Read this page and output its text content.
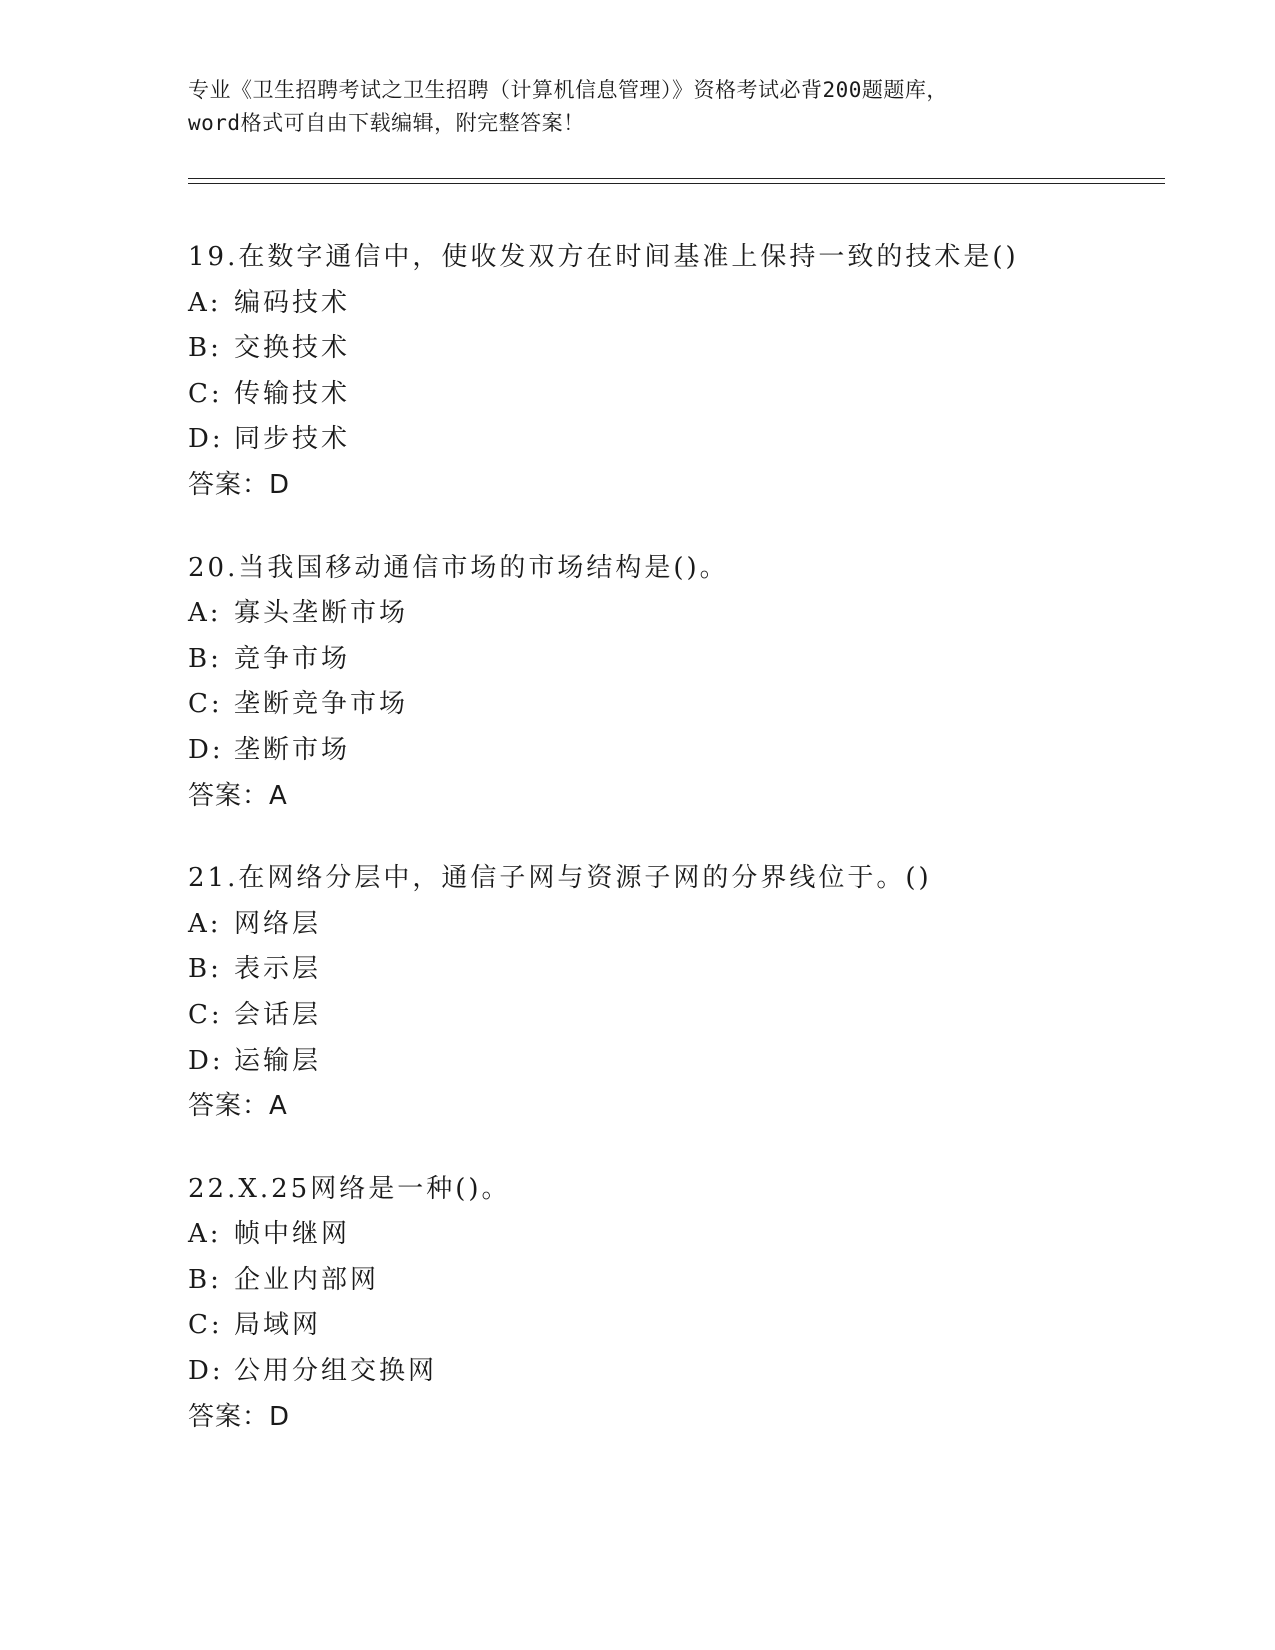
专业《卫生招聘考试之卫生招聘（计算机信息管理）》资格考试必背200题题库，
word格式可自由下载编辑，附完整答案！
19.在数字通信中，使收发双方在时间基准上保持一致的技术是()
A: 编码技术
B: 交换技术
C: 传输技术
D: 同步技术
答案：D
20.当我国移动通信市场的市场结构是()。
A: 寡头垄断市场
B: 竞争市场
C: 垄断竞争市场
D: 垄断市场
答案：A
21.在网络分层中，通信子网与资源子网的分界线位于。()
A: 网络层
B: 表示层
C: 会话层
D: 运输层
答案：A
22.X.25网络是一种()。
A: 帧中继网
B: 企业内部网
C: 局域网
D: 公用分组交换网
答案：D
